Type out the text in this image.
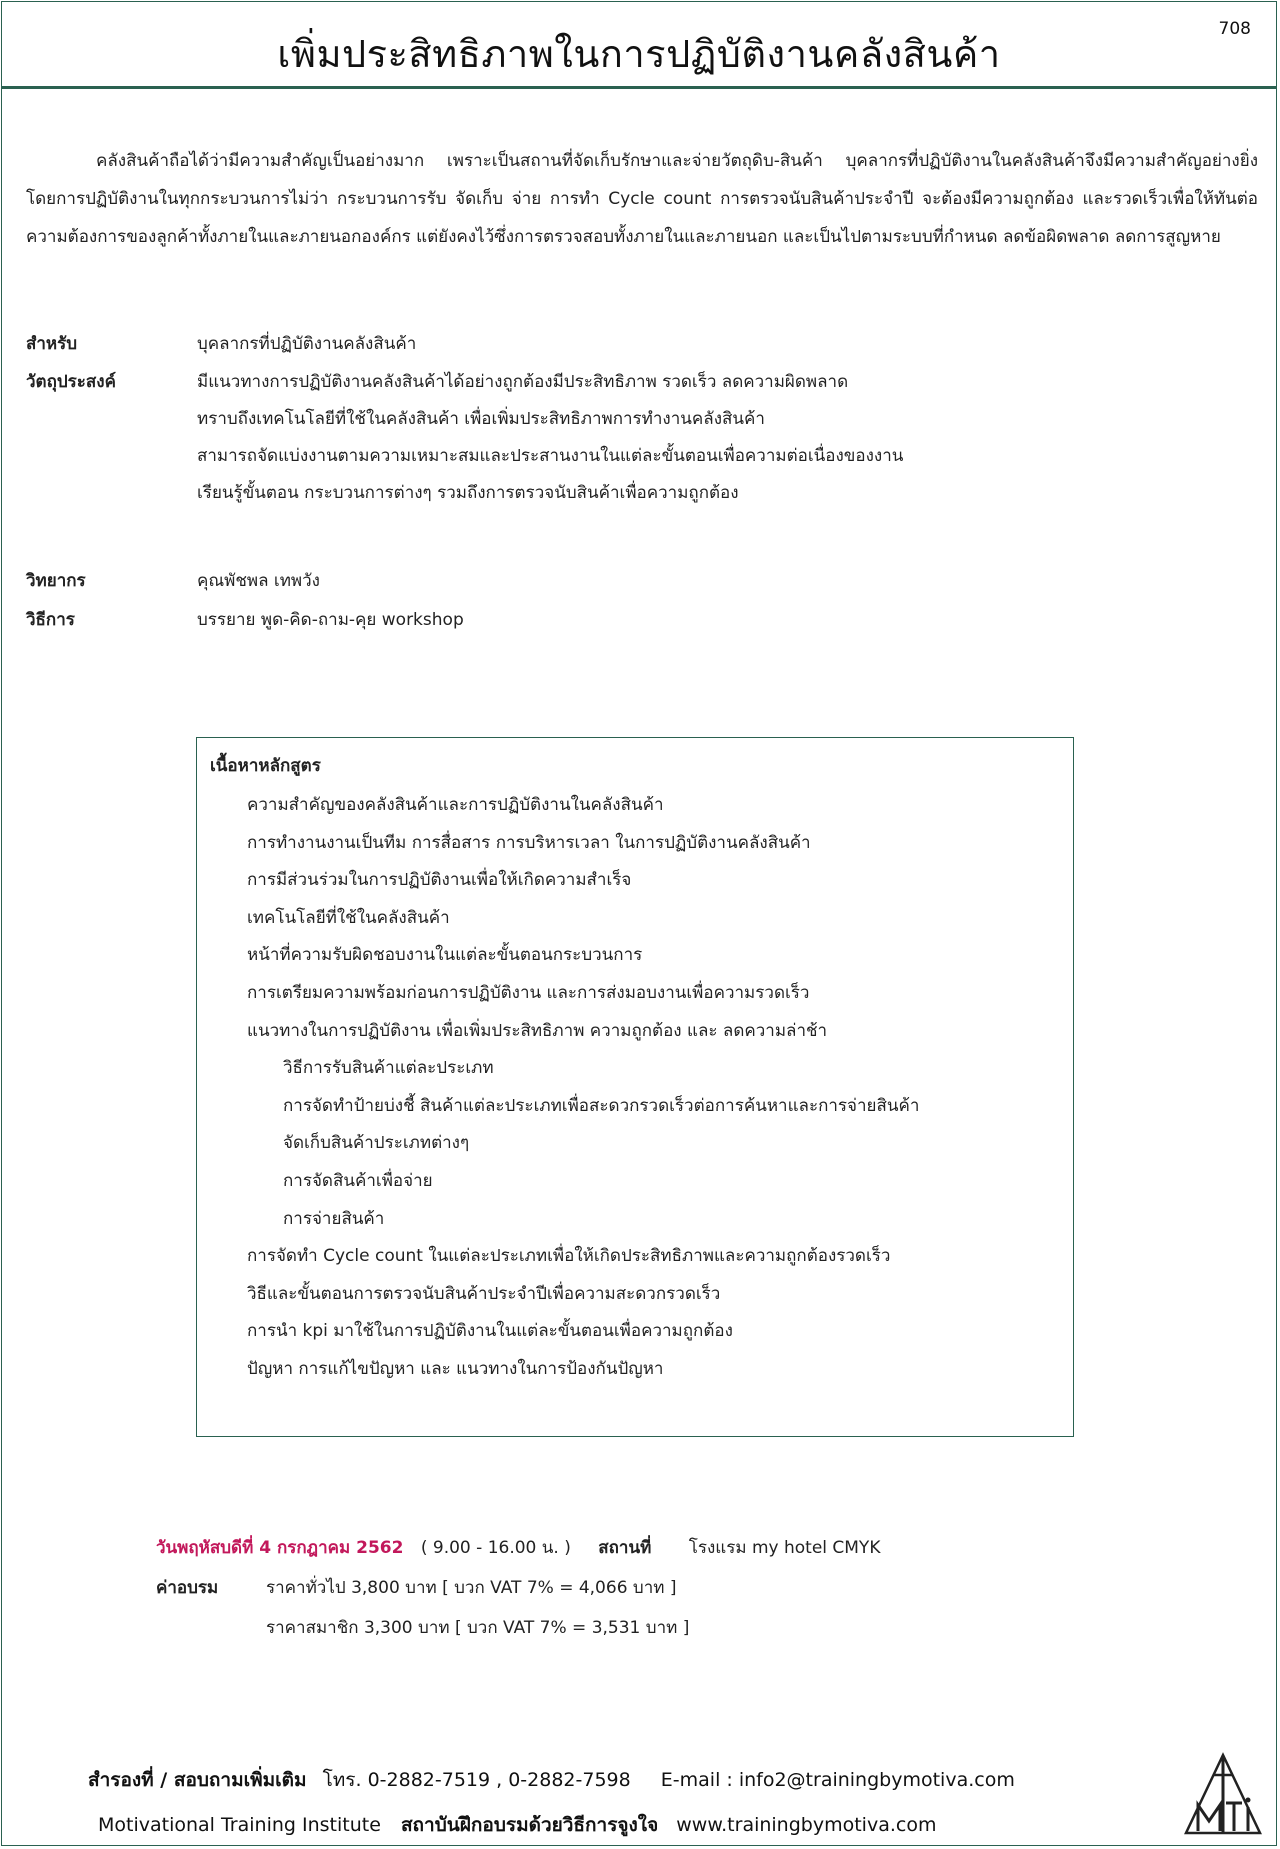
เพิ่มประสิทธิภาพในการปฏิบัติงานคลังสินค้า
708
คลังสินค้าถือได้ว่ามีความสำคัญเป็นอย่างมาก เพราะเป็นสถานที่จัดเก็บรักษาและจ่ายวัตถุดิบ-สินค้า บุคลากรที่ปฏิบัติงานในคลังสินค้าจึงมีความสำคัญอย่างยิ่ง โดยการปฏิบัติงานในทุกกระบวนการไม่ว่า กระบวนการรับ จัดเก็บ จ่าย การทำ Cycle count การตรวจนับสินค้าประจำปี จะต้องมีความถูกต้อง และรวดเร็วเพื่อให้ทันต่อความต้องการของลูกค้าทั้งภายในและภายนอกองค์กร แต่ยังคงไว้ซึ่งการตรวจสอบทั้งภายในและภายนอก และเป็นไปตามระบบที่กำหนด ลดข้อผิดพลาด ลดการสูญหาย
สำหรับ	บุคลากรที่ปฏิบัติงานคลังสินค้า
วัตถุประสงค์	มีแนวทางการปฏิบัติงานคลังสินค้าได้อย่างถูกต้องมีประสิทธิภาพ รวดเร็ว ลดความผิดพลาด
ทราบถึงเทคโนโลยีที่ใช้ในคลังสินค้า เพื่อเพิ่มประสิทธิภาพการทำงานคลังสินค้า
สามารถจัดแบ่งงานตามความเหมาะสมและประสานงานในแต่ละขั้นตอนเพื่อความต่อเนื่องของงาน
เรียนรู้ขั้นตอน กระบวนการต่างๆ รวมถึงการตรวจนับสินค้าเพื่อความถูกต้อง
วิทยากร	คุณพัชพล เทพวัง
วิธีการ	บรรยาย พูด-คิด-ถาม-คุย workshop
เนื้อหาหลักสูตร
ความสำคัญของคลังสินค้าและการปฏิบัติงานในคลังสินค้า
การทำงานงานเป็นทีม การสื่อสาร การบริหารเวลา ในการปฏิบัติงานคลังสินค้า
การมีส่วนร่วมในการปฏิบัติงานเพื่อให้เกิดความสำเร็จ
เทคโนโลยีที่ใช้ในคลังสินค้า
หน้าที่ความรับผิดชอบงานในแต่ละขั้นตอนกระบวนการ
การเตรียมความพร้อมก่อนการปฏิบัติงาน และการส่งมอบงานเพื่อความรวดเร็ว
แนวทางในการปฏิบัติงาน เพื่อเพิ่มประสิทธิภาพ ความถูกต้อง และ ลดความล่าช้า
วิธีการรับสินค้าแต่ละประเภท
การจัดทำป้ายบ่งชี้ สินค้าแต่ละประเภทเพื่อสะดวกรวดเร็วต่อการค้นหาและการจ่ายสินค้า
จัดเก็บสินค้าประเภทต่างๆ
การจัดสินค้าเพื่อจ่าย
การจ่ายสินค้า
การจัดทำ Cycle count ในแต่ละประเภทเพื่อให้เกิดประสิทธิภาพและความถูกต้องรวดเร็ว
วิธีและขั้นตอนการตรวจนับสินค้าประจำปีเพื่อความสะดวกรวดเร็ว
การนำ kpi มาใช้ในการปฏิบัติงานในแต่ละขั้นตอนเพื่อความถูกต้อง
ปัญหา การแก้ไขปัญหา และ แนวทางในการป้องกันปัญหา
วันพฤหัสบดีที่ 4 กรกฎาคม 2562 ( 9.00 - 16.00 น. ) สถานที่ โรงแรม my hotel CMYK
ค่าอบรม	ราคาทั่วไป 3,800 บาท [ บวก VAT 7% = 4,066 บาท ]
ราคาสมาชิก 3,300 บาท [ บวก VAT 7% = 3,531 บาท ]
สำรองที่ / สอบถามเพิ่มเติม โทร. 0-2882-7519 , 0-2882-7598 E-mail : info2@trainingbymotiva.com
Motivational Training Institute สถาบันฝึกอบรมด้วยวิธีการจูงใจ www.trainingbymotiva.com
